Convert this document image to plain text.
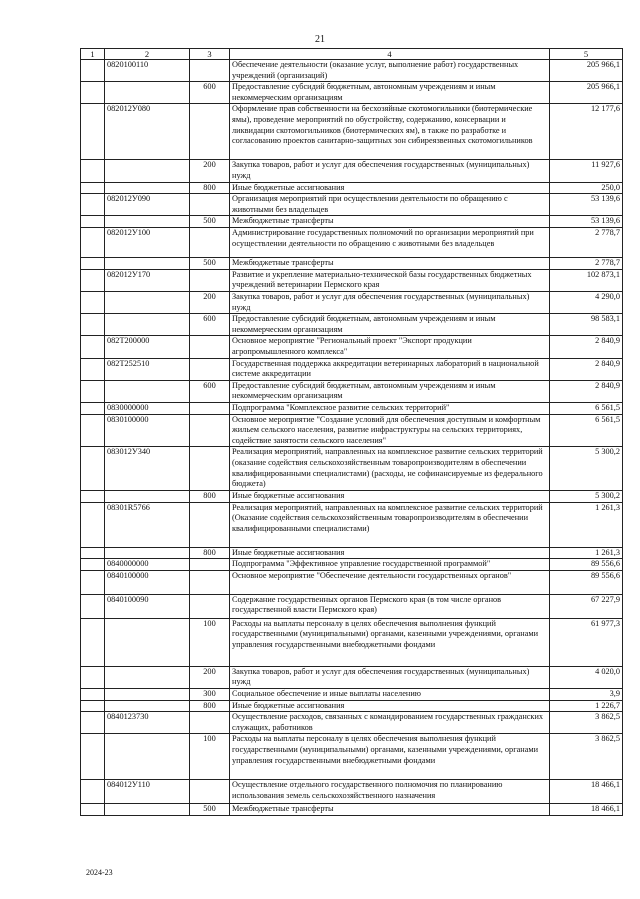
21
1	2	3	4	5
	0820100110		Обеспечение деятельности (оказание услуг, выполнение работ) государственных учреждений (организаций)	205 966,1
		600	Предоставление субсидий бюджетным, автономным учреждениям и иным некоммерческим организациям	205 966,1
	082012У080		Оформление прав собственности на бесхозяйные скотомогильники (биотермические ямы), проведение мероприятий по обустройству, содержанию, консервации и ликвидации скотомогильников (биотермических ям), в также по разработке и согласованию проектов санитарно-защитных зон сибиреязвенных скотомогильников	12 177,6
		200	Закупка товаров, работ и услуг для обеспечения государственных (муниципальных) нужд	11 927,6
		800	Иные бюджетные ассигнования	250,0
	082012У090		Организация мероприятий при осуществлении деятельности по обращению с животными без владельцев	53 139,6
		500	Межбюджетные трансферты	53 139,6
	082012У100		Администрирование государственных полномочий по организации мероприятий при осуществлении деятельности по обращению с животными без владельцев	2 778,7
		500	Межбюджетные трансферты	2 778,7
	082012У170		Развитие и укрепление материально-технической базы государственных бюджетных учреждений ветеринарии Пермского края	102 873,1
		200	Закупка товаров, работ и услуг для обеспечения государственных (муниципальных) нужд	4 290,0
		600	Предоставление субсидий бюджетным, автономным учреждениям и иным некоммерческим организациям	98 583,1
	082Т200000		Основное мероприятие "Региональный проект "Экспорт продукции агропромышленного комплекса"	2 840,9
	082Т252510		Государственная поддержка аккредитации ветеринарных лабораторий в национальной системе аккредитации	2 840,9
		600	Предоставление субсидий бюджетным, автономным учреждениям и иным некоммерческим организациям	2 840,9
	0830000000		Подпрограмма "Комплексное развитие сельских территорий"	6 561,5
	0830100000		Основное мероприятие "Создание условий для обеспечения доступным и комфортным жильем сельского населения, развитие инфраструктуры на сельских территориях, содействие занятости сельского населения"	6 561,5
	083012У340		Реализация мероприятий, направленных на комплексное развитие сельских территорий (оказание содействия сельскохозяйственным товаропроизводителям в обеспечении квалифицированными специалистами) (расходы, не софинансируемые из федерального бюджета)	5 300,2
		800	Иные бюджетные ассигнования	5 300,2
	08301R5766		Реализация мероприятий, направленных на комплексное развитие сельских территорий (Оказание содействия сельскохозяйственным товаропроизводителям в обеспечении квалифицированными специалистами)	1 261,3
		800	Иные бюджетные ассигнования	1 261,3
	0840000000		Подпрограмма "Эффективное управление государственной программой"	89 556,6
	0840100000		Основное мероприятие "Обеспечение деятельности государственных органов"	89 556,6
	0840100090		Содержание государственных органов Пермского края (в том числе органов государственной власти Пермского края)	67 227,9
		100	Расходы на выплаты персоналу в целях обеспечения выполнения функций государственными (муниципальными) органами, казенными учреждениями, органами управления государственными внебюджетными фондами	61 977,3
		200	Закупка товаров, работ и услуг для обеспечения государственных (муниципальных) нужд	4 020,0
		300	Социальное обеспечение и иные выплаты населению	3,9
		800	Иные бюджетные ассигнования	1 226,7
	0840123730		Осуществление расходов, связанных с командированием государственных гражданских служащих, работников	3 862,5
		100	Расходы на выплаты персоналу в целях обеспечения выполнения функций государственными (муниципальными) органами, казенными учреждениями, органами управления государственными внебюджетными фондами	3 862,5
	084012У110		Осуществление отдельного государственного полномочия по планированию использования земель сельскохозяйственного назначения	18 466,1
		500	Межбюджетные трансферты	18 466,1
2024-23
